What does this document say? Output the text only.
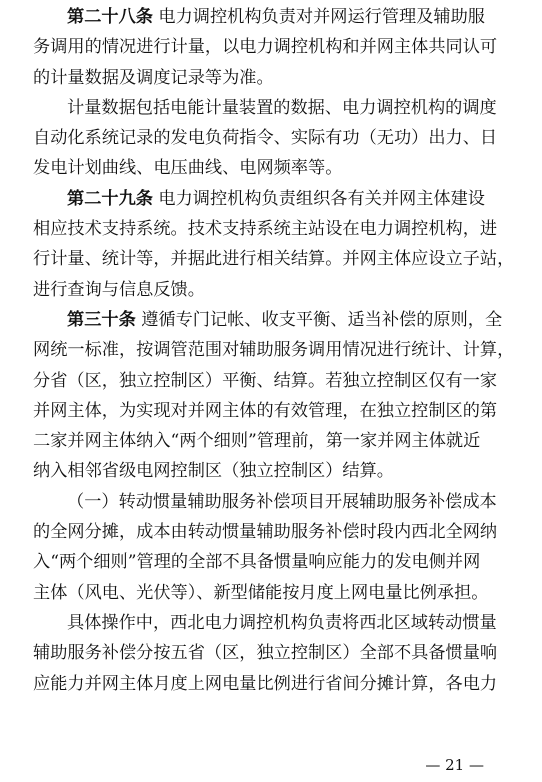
第二十八条 电力调控机构负责对并网运行管理及辅助服
务调用的情况进行计量，以电力调控机构和并网主体共同认可
的计量数据及调度记录等为准。
计量数据包括电能计量装置的数据、电力调控机构的调度
自动化系统记录的发电负荷指令、实际有功（无功）出力、日
发电计划曲线、电压曲线、电网频率等。
第二十九条 电力调控机构负责组织各有关并网主体建设
相应技术支持系统。技术支持系统主站设在电力调控机构，进
行计量、统计等，并据此进行相关结算。并网主体应设立子站，
进行查询与信息反馈。
第三十条 遵循专门记帐、收支平衡、适当补偿的原则，全
网统一标准，按调管范围对辅助服务调用情况进行统计、计算，
分省（区，独立控制区）平衡、结算。若独立控制区仅有一家
并网主体，为实现对并网主体的有效管理，在独立控制区的第
二家并网主体纳入“两个细则”管理前，第一家并网主体就近
纳入相邻省级电网控制区（独立控制区）结算。
（一）转动惯量辅助服务补偿项目开展辅助服务补偿成本
的全网分摊，成本由转动惯量辅助服务补偿时段内西北全网纳
入“两个细则”管理的全部不具备惯量响应能力的发电侧并网
主体（风电、光伏等）、新型储能按月度上网电量比例承担。
具体操作中，西北电力调控机构负责将西北区域转动惯量
辅助服务补偿分按五省（区，独立控制区）全部不具备惯量响
应能力并网主体月度上网电量比例进行省间分摊计算，各电力
— 21 —
